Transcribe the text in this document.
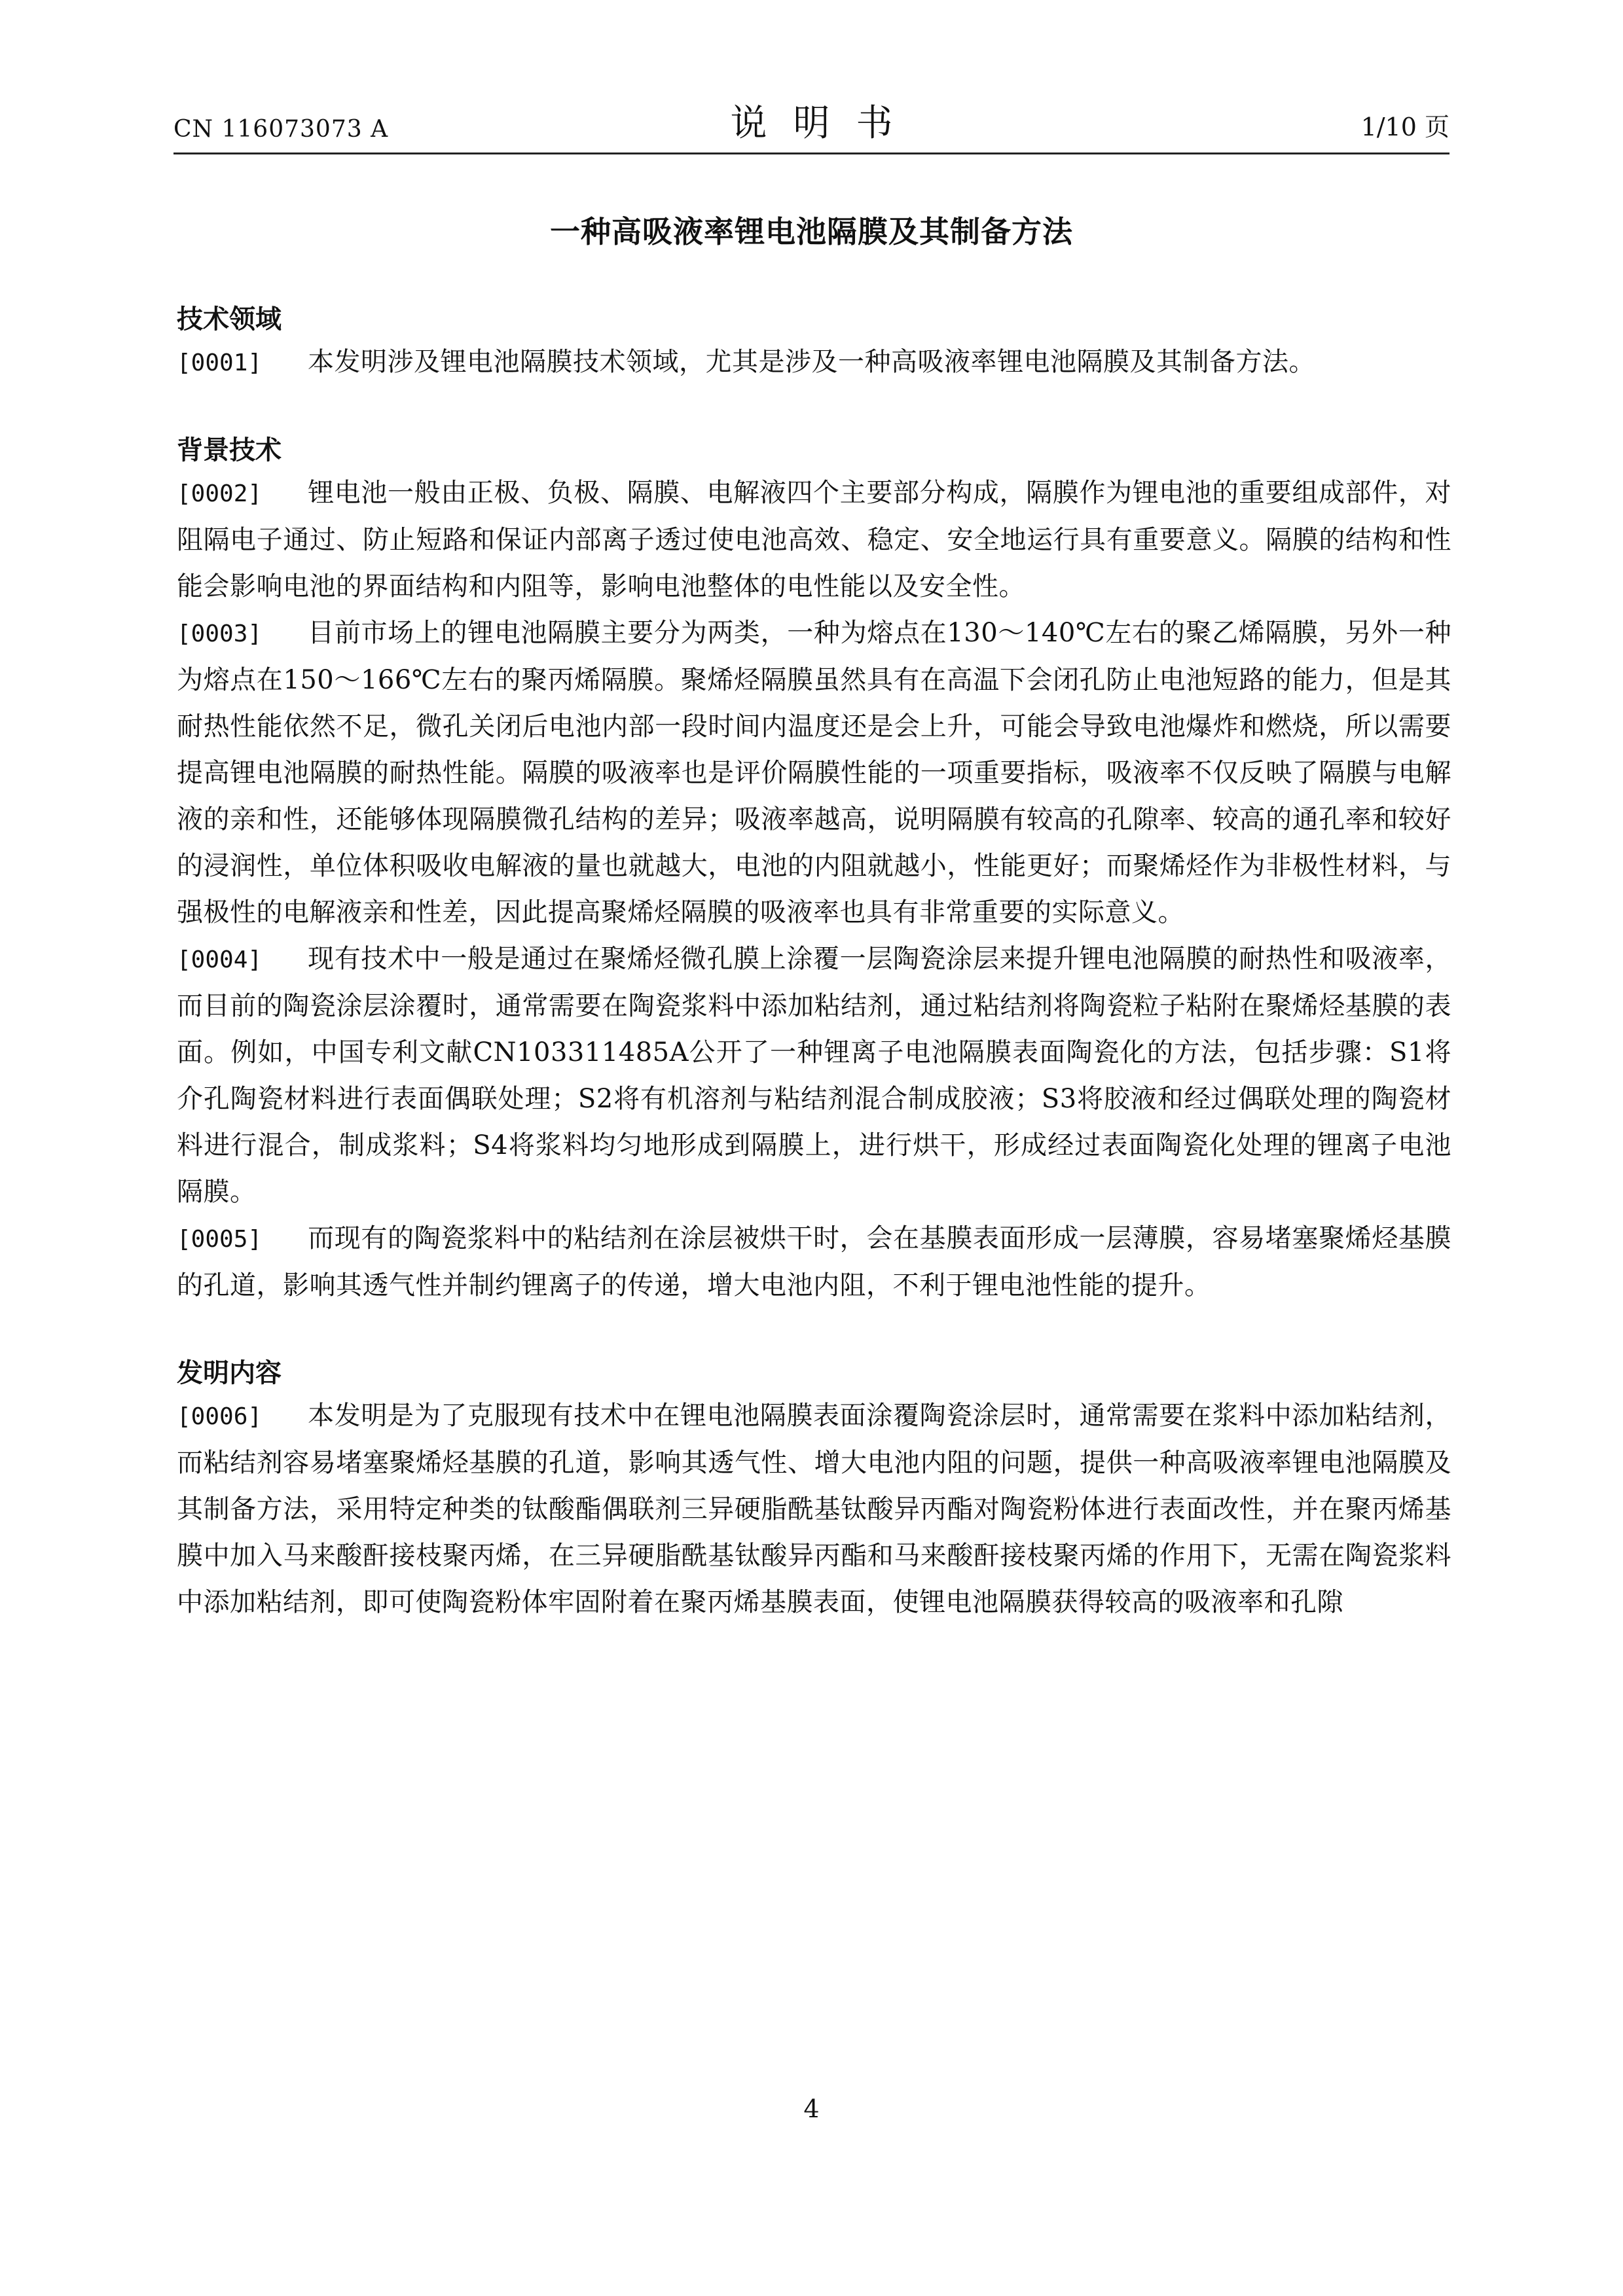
CN 116073073 A	说明书	1/10 页
一种高吸液率锂电池隔膜及其制备方法
技术领域

[0001] 本发明涉及锂电池隔膜技术领域，尤其是涉及一种高吸液率锂电池隔膜及其制备方法。

背景技术

[0002] 锂电池一般由正极、负极、隔膜、电解液四个主要部分构成，隔膜作为锂电池的重要组成部件，对阻隔电子通过、防止短路和保证内部离子透过使电池高效、稳定、安全地运行具有重要意义。隔膜的结构和性能会影响电池的界面结构和内阻等，影响电池整体的电性能以及安全性。

[0003] 目前市场上的锂电池隔膜主要分为两类，一种为熔点在130～140℃左右的聚乙烯隔膜，另外一种为熔点在150～166℃左右的聚丙烯隔膜。聚烯烃隔膜虽然具有在高温下会闭孔防止电池短路的能力，但是其耐热性能依然不足，微孔关闭后电池内部一段时间内温度还是会上升，可能会导致电池爆炸和燃烧，所以需要提高锂电池隔膜的耐热性能。隔膜的吸液率也是评价隔膜性能的一项重要指标，吸液率不仅反映了隔膜与电解液的亲和性，还能够体现隔膜微孔结构的差异；吸液率越高，说明隔膜有较高的孔隙率、较高的通孔率和较好的浸润性，单位体积吸收电解液的量也就越大，电池的内阻就越小，性能更好；而聚烯烃作为非极性材料，与强极性的电解液亲和性差，因此提高聚烯烃隔膜的吸液率也具有非常重要的实际意义。

[0004] 现有技术中一般是通过在聚烯烃微孔膜上涂覆一层陶瓷涂层来提升锂电池隔膜的耐热性和吸液率，而目前的陶瓷涂层涂覆时，通常需要在陶瓷浆料中添加粘结剂，通过粘结剂将陶瓷粒子粘附在聚烯烃基膜的表面。例如，中国专利文献CN103311485A公开了一种锂离子电池隔膜表面陶瓷化的方法，包括步骤：S1将介孔陶瓷材料进行表面偶联处理；S2将有机溶剂与粘结剂混合制成胶液；S3将胶液和经过偶联处理的陶瓷材料进行混合，制成浆料；S4将浆料均匀地形成到隔膜上，进行烘干，形成经过表面陶瓷化处理的锂离子电池隔膜。

[0005] 而现有的陶瓷浆料中的粘结剂在涂层被烘干时，会在基膜表面形成一层薄膜，容易堵塞聚烯烃基膜的孔道，影响其透气性并制约锂离子的传递，增大电池内阻，不利于锂电池性能的提升。

发明内容

[0006] 本发明是为了克服现有技术中在锂电池隔膜表面涂覆陶瓷涂层时，通常需要在浆料中添加粘结剂，而粘结剂容易堵塞聚烯烃基膜的孔道，影响其透气性、增大电池内阻的问题，提供一种高吸液率锂电池隔膜及其制备方法，采用特定种类的钛酸酯偶联剂三异硬脂酰基钛酸异丙酯对陶瓷粉体进行表面改性，并在聚丙烯基膜中加入马来酸酐接枝聚丙烯，在三异硬脂酰基钛酸异丙酯和马来酸酐接枝聚丙烯的作用下，无需在陶瓷浆料中添加粘结剂，即可使陶瓷粉体牢固附着在聚丙烯基膜表面，使锂电池隔膜获得较高的吸液率和孔隙

4
